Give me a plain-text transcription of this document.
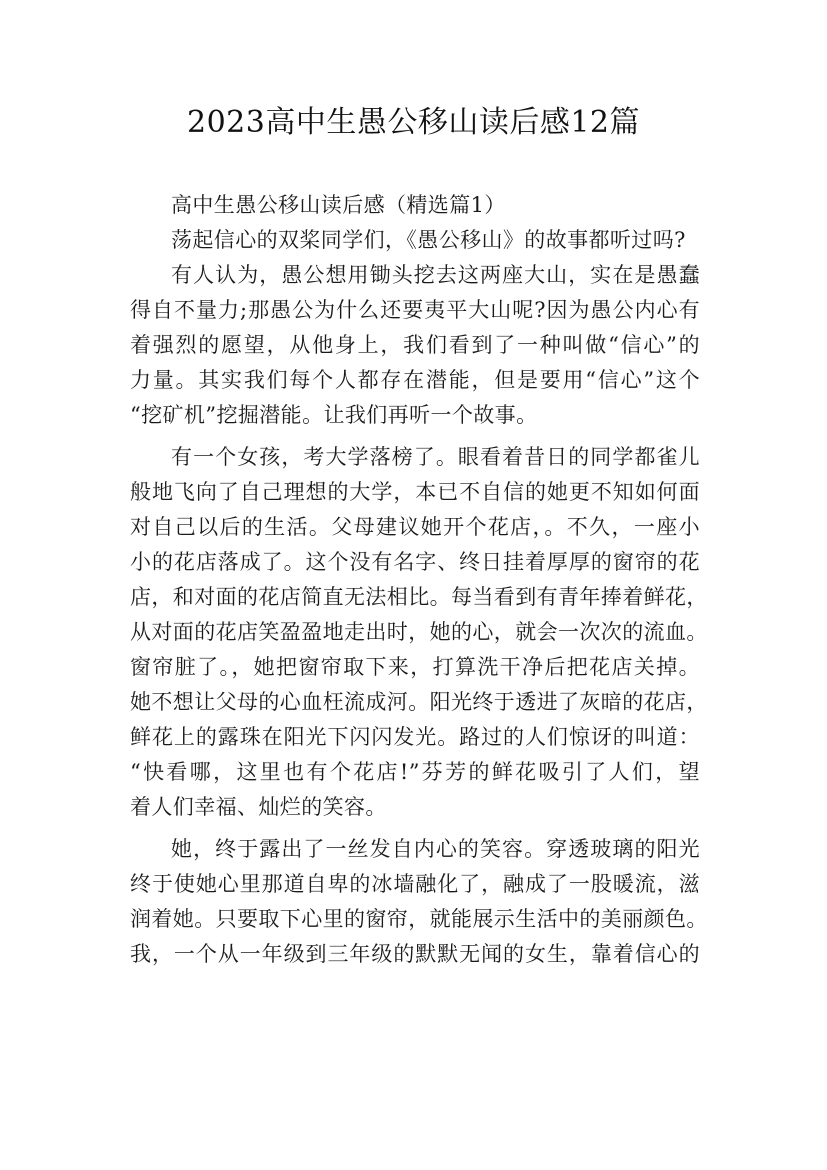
2023高中生愚公移山读后感12篇
高中生愚公移山读后感（精选篇1）
荡起信心的双桨同学们，《愚公移山》的故事都听过吗?
有人认为，愚公想用锄头挖去这两座大山，实在是愚蠢
得自不量力;那愚公为什么还要夷平大山呢?因为愚公内心有
着强烈的愿望，从他身上，我们看到了一种叫做“信心”的
力量。其实我们每个人都存在潜能，但是要用“信心”这个
“挖矿机”挖掘潜能。让我们再听一个故事。
有一个女孩，考大学落榜了。眼看着昔日的同学都雀儿
般地飞向了自己理想的大学，本已不自信的她更不知如何面
对自己以后的生活。父母建议她开个花店，。不久，一座小
小的花店落成了。这个没有名字、终日挂着厚厚的窗帘的花
店，和对面的花店简直无法相比。每当看到有青年捧着鲜花，
从对面的花店笑盈盈地走出时，她的心，就会一次次的流血。
窗帘脏了。，她把窗帘取下来，打算洗干净后把花店关掉。
她不想让父母的心血枉流成河。阳光终于透进了灰暗的花店，
鲜花上的露珠在阳光下闪闪发光。路过的人们惊讶的叫道：
“快看哪，这里也有个花店!”芬芳的鲜花吸引了人们，望
着人们幸福、灿烂的笑容。
她，终于露出了一丝发自内心的笑容。穿透玻璃的阳光
终于使她心里那道自卑的冰墙融化了，融成了一股暖流，滋
润着她。只要取下心里的窗帘，就能展示生活中的美丽颜色。
我，一个从一年级到三年级的默默无闻的女生，靠着信心的
